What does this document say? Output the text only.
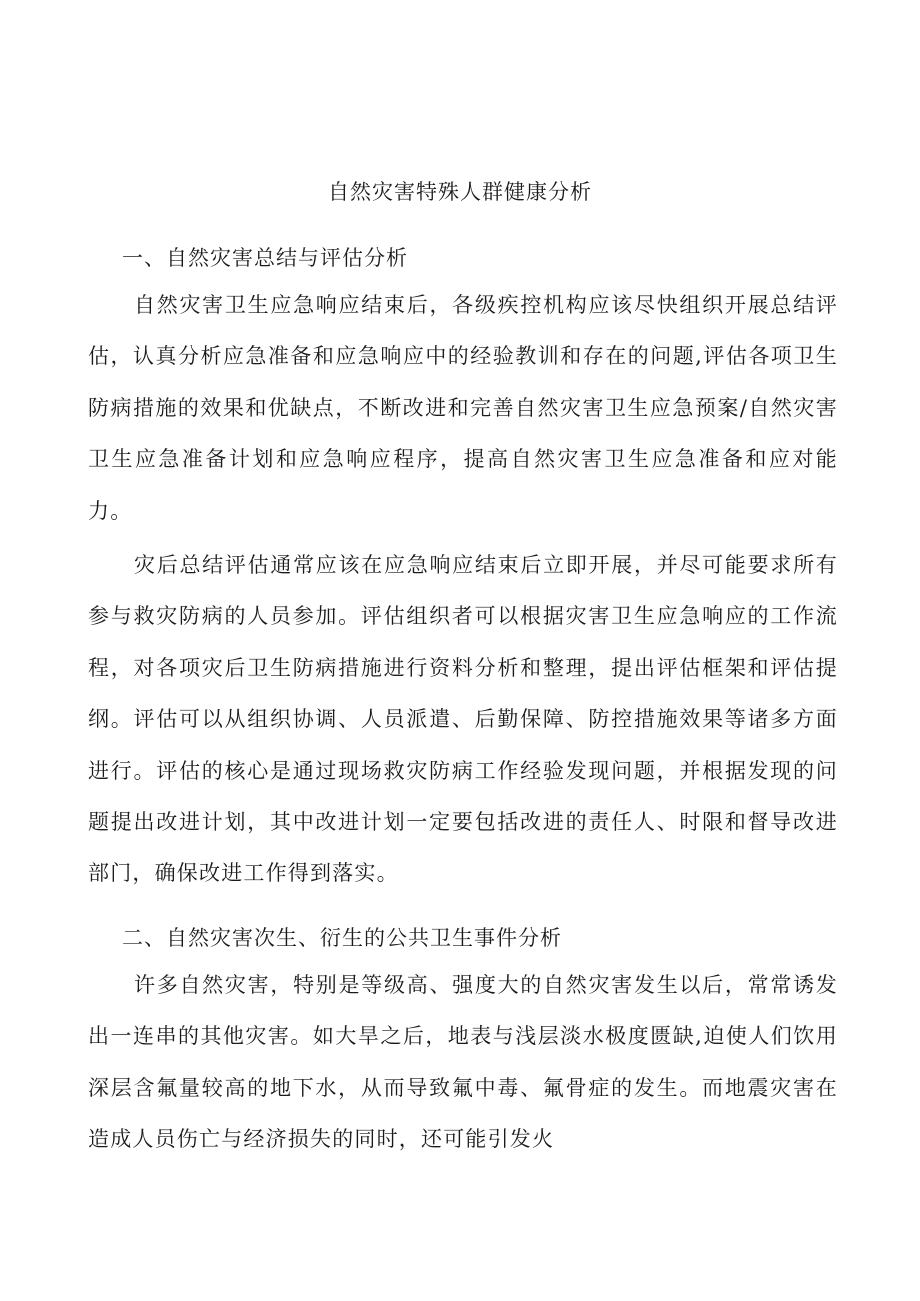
自然灾害特殊人群健康分析
一、自然灾害总结与评估分析

自然灾害卫生应急响应结束后，各级疾控机构应该尽快组织开展总结评估，认真分析应急准备和应急响应中的经验教训和存在的问题,评估各项卫生防病措施的效果和优缺点，不断改进和完善自然灾害卫生应急预案/自然灾害卫生应急准备计划和应急响应程序，提高自然灾害卫生应急准备和应对能力。

灾后总结评估通常应该在应急响应结束后立即开展，并尽可能要求所有参与救灾防病的人员参加。评估组织者可以根据灾害卫生应急响应的工作流程，对各项灾后卫生防病措施进行资料分析和整理，提出评估框架和评估提纲。评估可以从组织协调、人员派遣、后勤保障、防控措施效果等诸多方面进行。评估的核心是通过现场救灾防病工作经验发现问题，并根据发现的问题提出改进计划，其中改进计划一定要包括改进的责任人、时限和督导改进部门，确保改进工作得到落实。

二、自然灾害次生、衍生的公共卫生事件分析

许多自然灾害，特别是等级高、强度大的自然灾害发生以后，常常诱发出一连串的其他灾害。如大旱之后，地表与浅层淡水极度匮缺,迫使人们饮用深层含氟量较高的地下水，从而导致氟中毒、氟骨症的发生。而地震灾害在造成人员伤亡与经济损失的同时，还可能引发火
